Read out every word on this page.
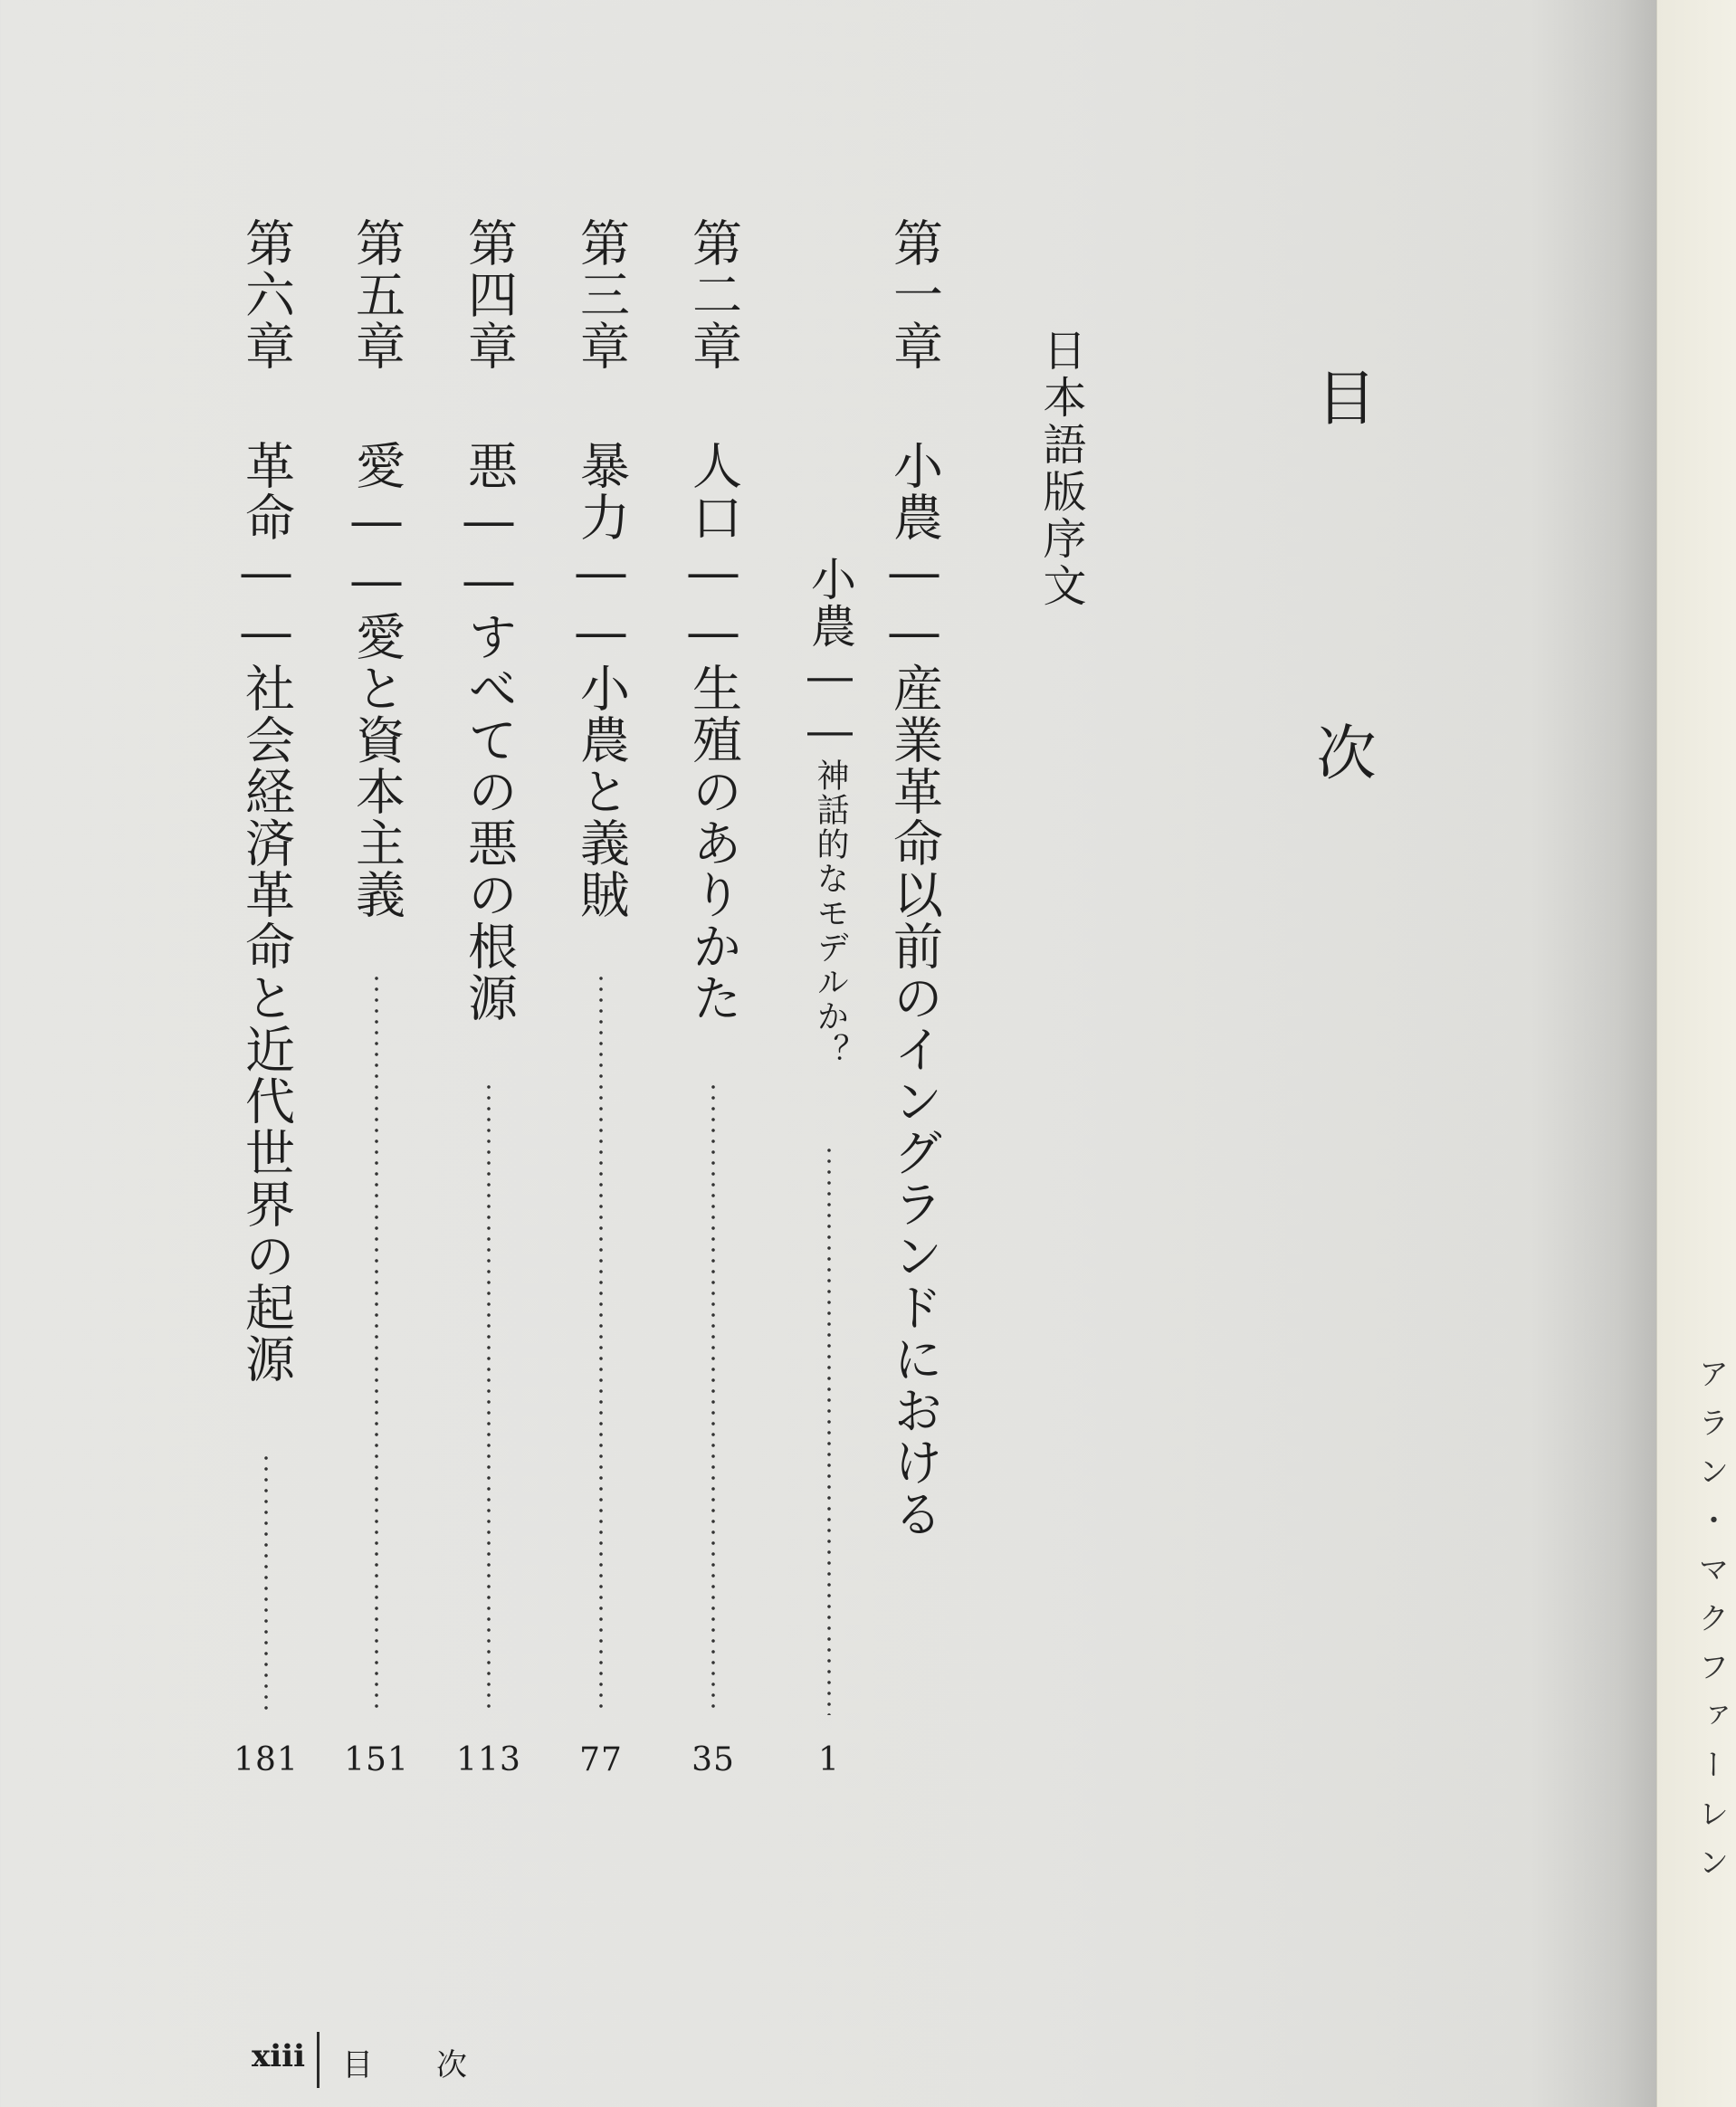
目　次
日本語版序文
第一章
小農――産業革命以前のイングランドにおける
小農――神話的なモデルか？
1
第二章
人口――生殖のありかた
35
第三章
暴力――小農と義賊
77
第四章
悪――すべての悪の根源
113
第五章
愛――愛と資本主義
151
第六章
革命――社会経済革命と近代世界の起源
181
xiii 目次
アラン・マクファーレン
